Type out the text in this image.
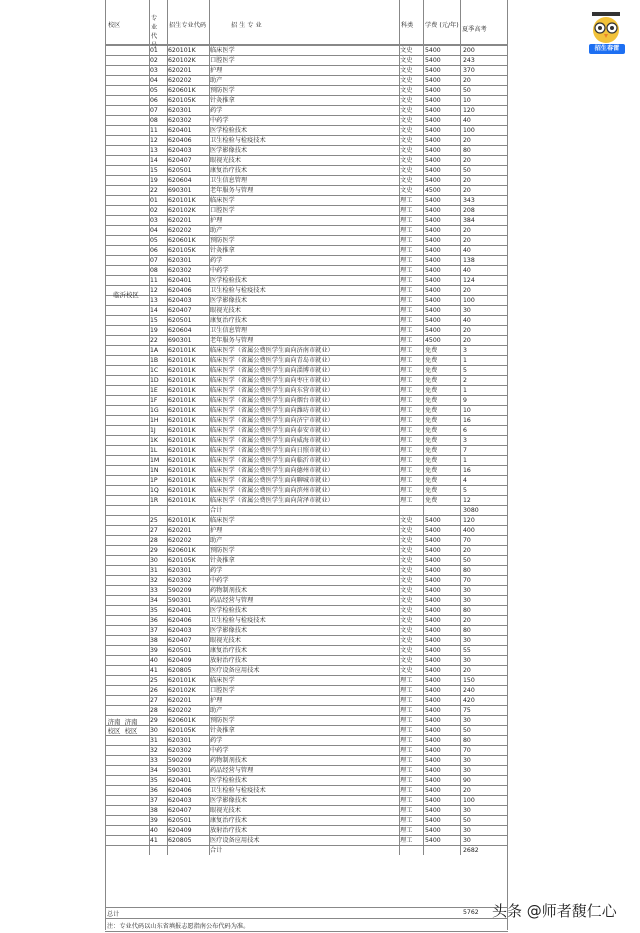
校区
专业代号
招生专业代码	招 生 专 业	科类 学费 (元/年)
夏季高考
01	620101K	临床医学	文史	5400	200
02	620102K	口腔医学	文史	5400	243
03	620201	护理	文史	5400	370
04	620202	助产	文史	5400	20
05	620601K	预防医学	文史	5400	50
06	620105K	针灸推拿	文史	5400	10
07	620301	药学	文史	5400	120
08	620302	中药学	文史	5400	40
11	620401	医学检验技术	文史	5400	100
12	620406	卫生检验与检疫技术	文史	5400	20
13	620403	医学影像技术	文史	5400	80
14	620407	眼视光技术	文史	5400	20
15	620501	康复治疗技术	文史	5400	50
19	620604	卫生信息管理	文史	5400	20
22	690301	老年服务与管理	文史	4500	20
01	620101K	临床医学	理工	5400	343
02	620102K	口腔医学	理工	5400	208
03	620201	护理	理工	5400	384
04	620202	助产	理工	5400	20
05	620601K	预防医学	理工	5400	20
06	620105K	针灸推拿	理工	5400	40
07	620301	药学	理工	5400	138
08	620302	中药学	理工	5400	40
11	620401	医学检验技术	理工	5400	124
12	620406	卫生检验与检疫技术	理工	5400	20
13	620403	医学影像技术	理工	5400	100
14	620407	眼视光技术	理工	5400	30
15	620501	康复治疗技术	理工	5400	40
19	620604	卫生信息管理	理工	5400	20
22	690301	老年服务与管理	理工	4500	20
1A	620101K	临床医学（省属公费医学生面向济南市就业）	理工	免费	3
1B	620101K	临床医学（省属公费医学生面向青岛市就业）	理工	免费	1
1C	620101K	临床医学（省属公费医学生面向淄博市就业）	理工	免费	5
1D	620101K	临床医学（省属公费医学生面向枣庄市就业）	理工	免费	2
1E	620101K	临床医学（省属公费医学生面向东营市就业）	理工	免费	1
1F	620101K	临床医学（省属公费医学生面向烟台市就业）	理工	免费	9
1G	620101K	临床医学（省属公费医学生面向潍坊市就业）	理工	免费	10
1H	620101K	临床医学（省属公费医学生面向济宁市就业）	理工	免费	16
1J	620101K	临床医学（省属公费医学生面向泰安市就业）	理工	免费	6
1K	620101K	临床医学（省属公费医学生面向威海市就业）	理工	免费	3
1L	620101K	临床医学（省属公费医学生面向日照市就业）	理工	免费	7
1M	620101K	临床医学（省属公费医学生面向临沂市就业）	理工	免费	1
1N	620101K	临床医学（省属公费医学生面向德州市就业）	理工	免费	16
1P	620101K	临床医学（省属公费医学生面向聊城市就业）	理工	免费	4
1Q	620101K	临床医学（省属公费医学生面向滨州市就业）	理工	免费	5
1R	620101K	临床医学（省属公费医学生面向菏泽市就业）	理工	免费	12
合计	3080
25	620101K	临床医学	文史	5400	120
27	620201	护理	文史	5400	400
28	620202	助产	文史	5400	70
29	620601K	预防医学	文史	5400	20
30	620105K	针灸推拿	文史	5400	50
31	620301	药学	文史	5400	80
32	620302	中药学	文史	5400	70
33	590209	药物制剂技术	文史	5400	30
34	590301	药品经营与管理	文史	5400	30
35	620401	医学检验技术	文史	5400	80
36	620406	卫生检验与检疫技术	文史	5400	20
37	620403	医学影像技术	文史	5400	80
38	620407	眼视光技术	文史	5400	30
39	620501	康复治疗技术	文史	5400	55
40	620409	放射治疗技术	文史	5400	30
41	620805	医疗设备应用技术	文史	5400	20
25	620101K	临床医学	理工	5400	150
26	620102K	口腔医学	理工	5400	240
27	620201	护理	理工	5400	420
28	620202	助产	理工	5400	75
29	620601K	预防医学	理工	5400	30
30	620105K	针灸推拿	理工	5400	50
31	620301	药学	理工	5400	80
32	620302	中药学	理工	5400	70
33	590209	药物制剂技术	理工	5400	30
34	590301	药品经营与管理	理工	5400	30
35	620401	医学检验技术	理工	5400	90
36	620406	卫生检验与检疫技术	理工	5400	20
37	620403	医学影像技术	理工	5400	100
38	620407	眼视光技术	理工	5400	30
39	620501	康复治疗技术	理工	5400	50
40	620409	放射治疗技术	理工	5400	30
41	620805	医疗设备应用技术	理工	5400	30
合计	2682
临沂校区
济南校区
济南校区
总计	5762
注：专业代码以山东省填报志愿指南公布代码为准。
招生春雷
头条 @师者馥仁心
